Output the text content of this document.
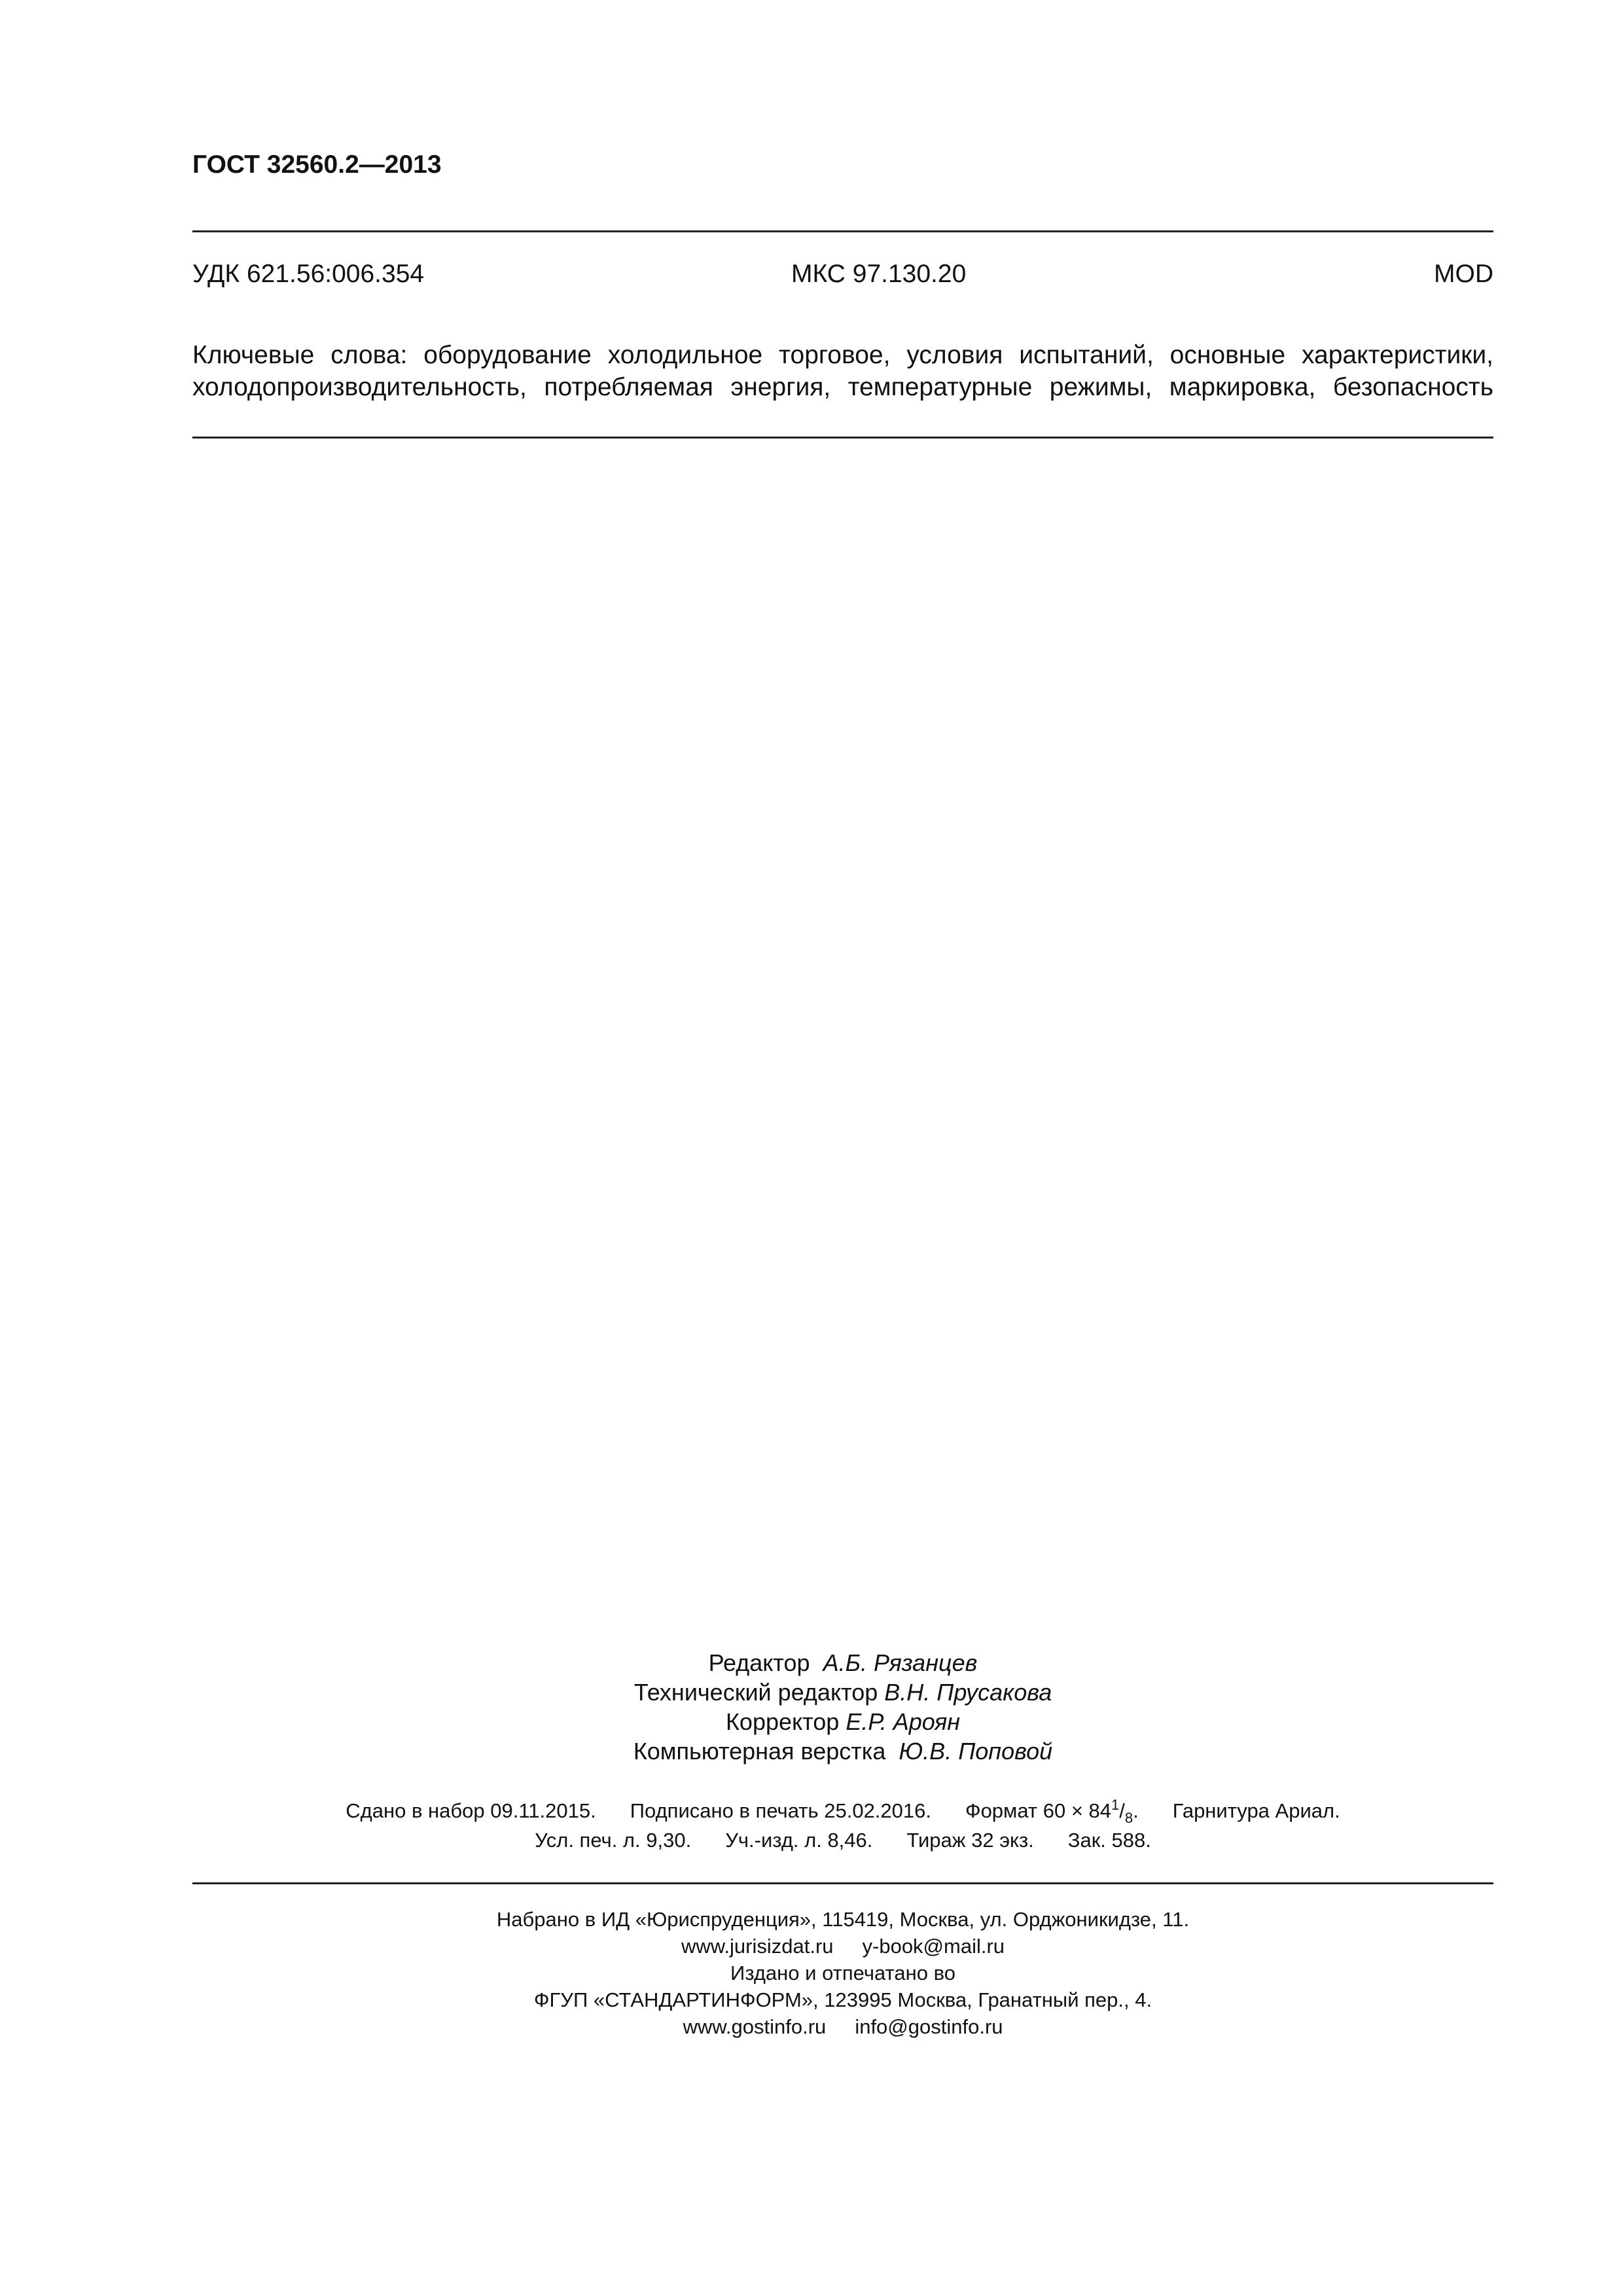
ГОСТ 32560.2—2013
УДК 621.56:006.354	МКС 97.130.20	MOD
Ключевые слова: оборудование холодильное торговое, условия испытаний, основные характеристики,
холодопроизводительность, потребляемая энергия, температурные режимы, маркировка, безопасность
Редактор А.Б. Рязанцев
Технический редактор В.Н. Прусакова
Корректор Е.Р. Ароян
Компьютерная верстка Ю.В. Поповой
Сдано в набор 09.11.2015. Подписано в печать 25.02.2016. Формат $60 \times 84^1/_8$. Гарнитура Ариал.
Усл. печ. л. 9,30. Уч.-изд. л. 8,46. Тираж 32 экз. Зак. 588.
Набрано в ИД «Юриспруденция», 115419, Москва, ул. Орджоникидзе, 11.
www.jurisizdat.ru y-book@mail.ru
Издано и отпечатано во
ФГУП «СТАНДАРТИНФОРМ», 123995 Москва, Гранатный пер., 4.
www.gostinfo.ru info@gostinfo.ru
